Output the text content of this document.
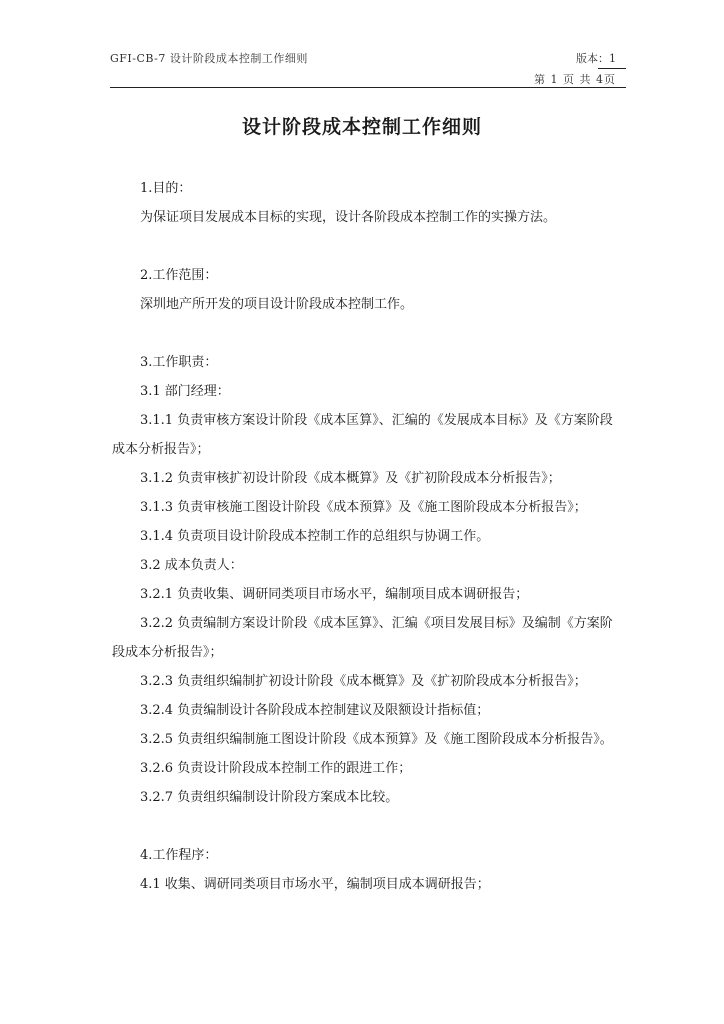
GFI-CB-7 设计阶段成本控制工作细则	版本：1
第 1 页 共 4页
设计阶段成本控制工作细则

1.目的：

为保证项目发展成本目标的实现，设计各阶段成本控制工作的实操方法。

2.工作范围：

深圳地产所开发的项目设计阶段成本控制工作。

3.工作职责：

3.1 部门经理：

3.1.1 负责审核方案设计阶段《成本匡算》、汇编的《发展成本目标》及《方案阶段成本分析报告》；

3.1.2 负责审核扩初设计阶段《成本概算》及《扩初阶段成本分析报告》；

3.1.3 负责审核施工图设计阶段《成本预算》及《施工图阶段成本分析报告》；

3.1.4 负责项目设计阶段成本控制工作的总组织与协调工作。

3.2 成本负责人：

3.2.1 负责收集、调研同类项目市场水平，编制项目成本调研报告；

3.2.2 负责编制方案设计阶段《成本匡算》、汇编《项目发展目标》及编制《方案阶段成本分析报告》；

3.2.3 负责组织编制扩初设计阶段《成本概算》及《扩初阶段成本分析报告》；

3.2.4 负责编制设计各阶段成本控制建议及限额设计指标值；

3.2.5 负责组织编制施工图设计阶段《成本预算》及《施工图阶段成本分析报告》。

3.2.6 负责设计阶段成本控制工作的跟进工作；

3.2.7 负责组织编制设计阶段方案成本比较。

4.工作程序：

4.1 收集、调研同类项目市场水平，编制项目成本调研报告；
